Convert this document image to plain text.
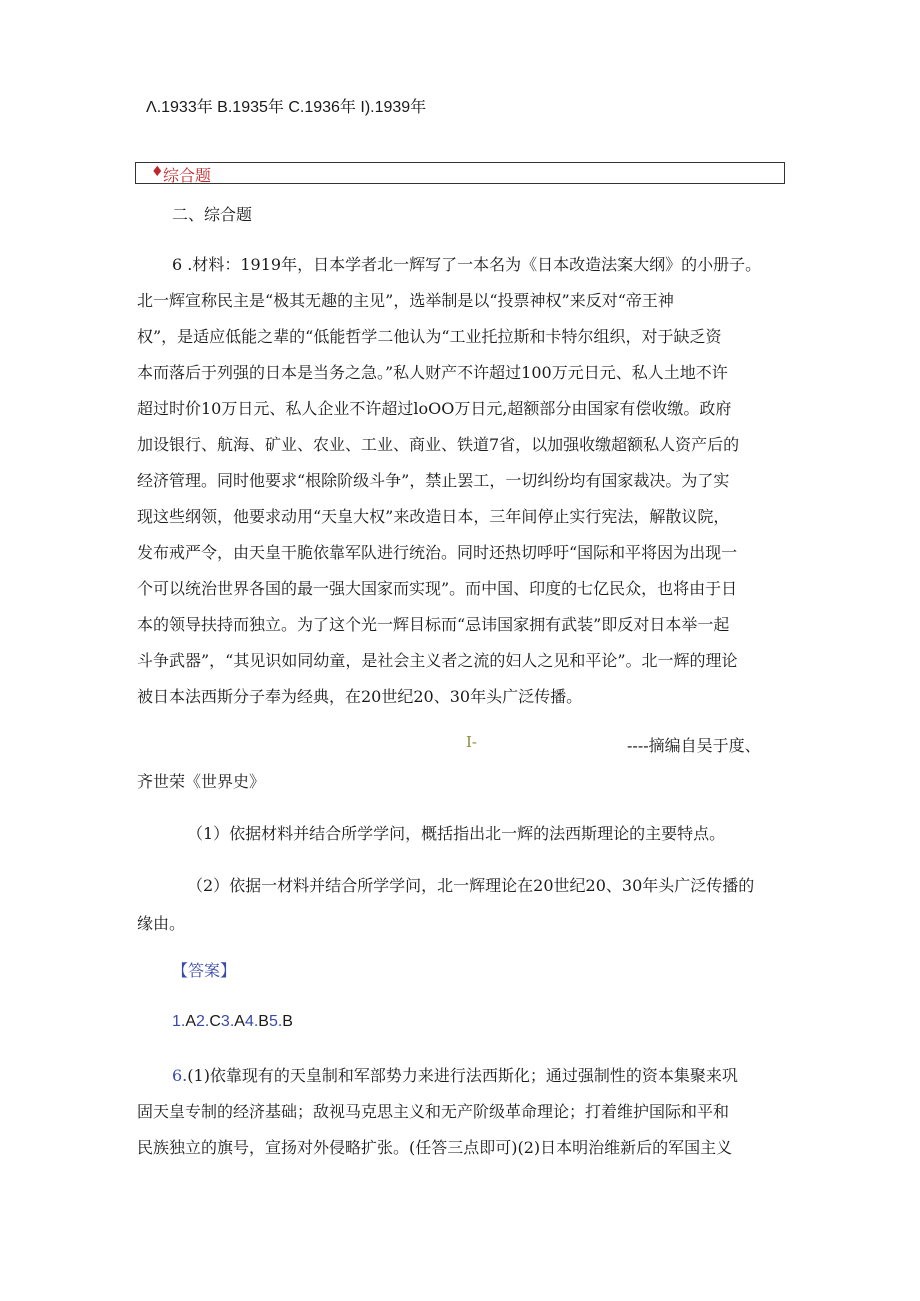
Λ.1933年 B.1935年 C.1936年 I).1939年
♦ 综合题
二、综合题
6 .材料：1919年，日本学者北一辉写了一本名为《日本改造法案大纲》的小册子。
北一辉宣称民主是“极其无趣的主见”，选举制是以“投票神权”来反对“帝王神
权”，是适应低能之辈的“低能哲学二他认为“工业托拉斯和卡特尔组织，对于缺乏资
本而落后于列强的日本是当务之急。”私人财产不许超过100万元日元、私人土地不许
超过时价10万日元、私人企业不许超过loOO万日元,超额部分由国家有偿收缴。政府
加设银行、航海、矿业、农业、工业、商业、铁道7省，以加强收缴超额私人资产后的
经济管理。同时他要求“根除阶级斗争”，禁止罢工，一切纠纷均有国家裁决。为了实
现这些纲领，他要求动用“天皇大权”来改造日本，三年间停止实行宪法，解散议院，
发布戒严令，由天皇干脆依靠军队进行统治。同时还热切呼吁“国际和平将因为出现一
个可以统治世界各国的最一强大国家而实现”。而中国、印度的七亿民众，也将由于日
本的领导扶持而独立。为了这个光一辉目标而“忌讳国家拥有武装”即反对日本举一起
斗争武器”，“其见识如同幼童，是社会主义者之流的妇人之见和平论”。北一辉的理论
被日本法西斯分子奉为经典，在20世纪20、30年头广泛传播。
I-	----摘编自吴于度、
齐世荣《世界史》
（1）依据材料并结合所学学问，概括指出北一辉的法西斯理论的主要特点。
（2）依据一材料并结合所学学问，北一辉理论在20世纪20、30年头广泛传播的
缘由。
【答案】
1.A2.C3.A4.B5.B
6.(1)依靠现有的天皇制和军部势力来进行法西斯化；通过强制性的资本集聚来巩
固天皇专制的经济基础；敌视马克思主义和无产阶级革命理论；打着维护国际和平和
民族独立的旗号，宣扬对外侵略扩张。(任答三点即可)(2)日本明治维新后的军国主义
